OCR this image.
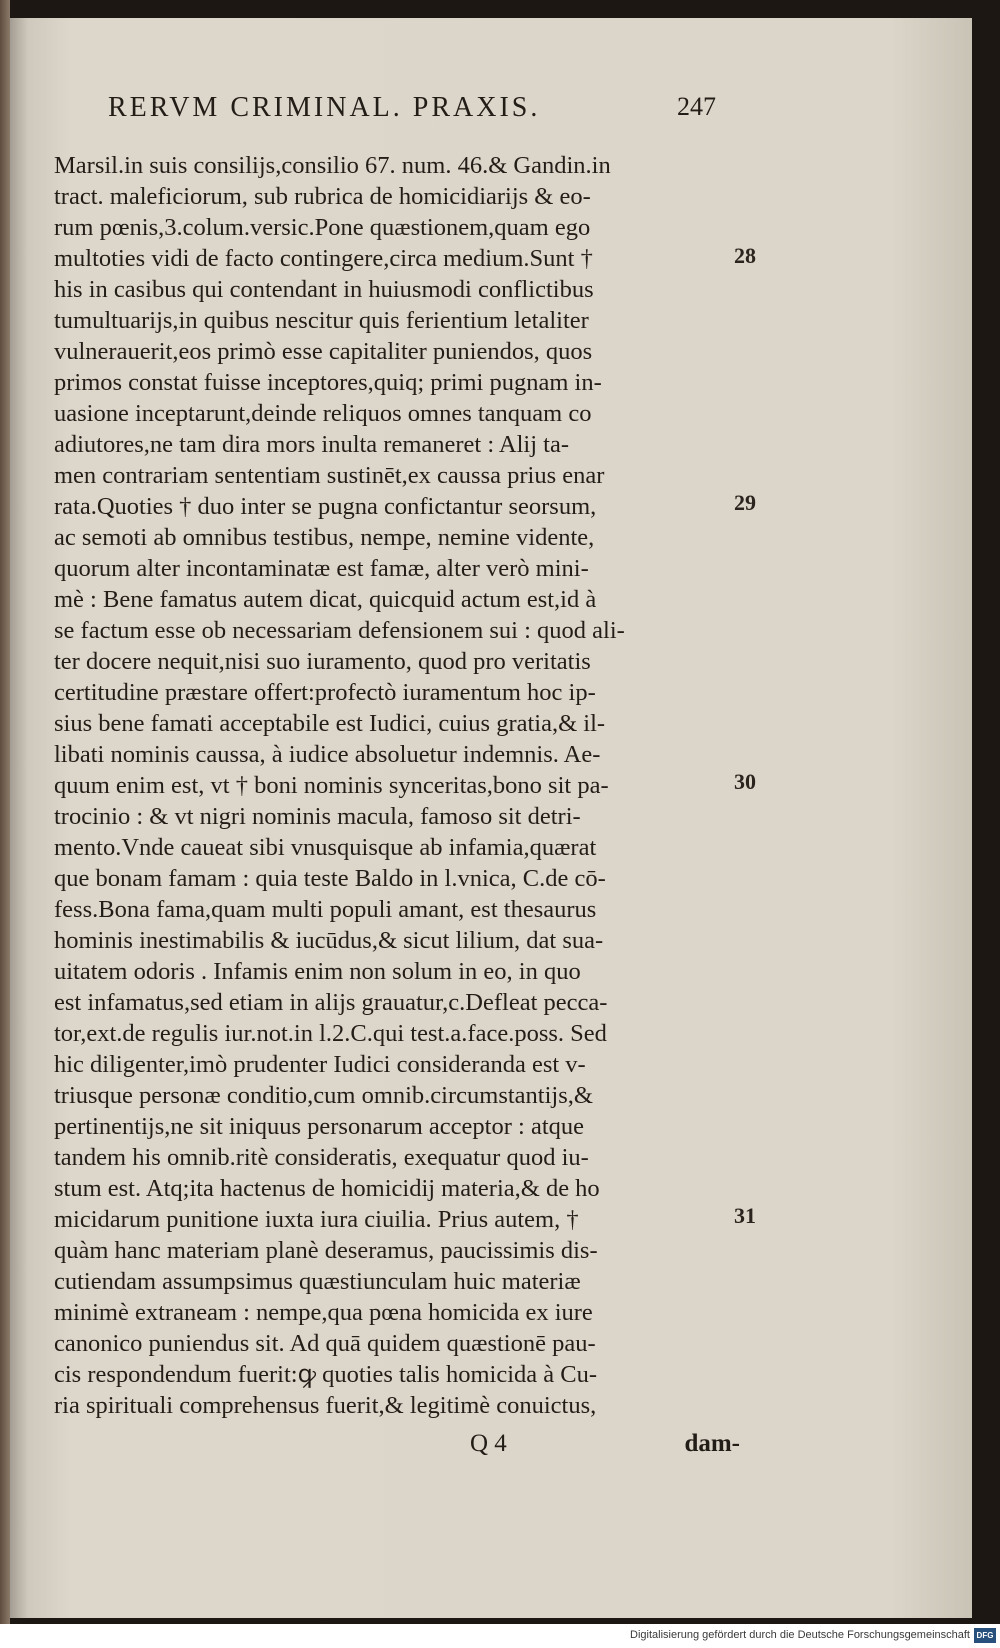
RERVM CRIMINAL. PRAXIS.	247
Marsil.in suis consilijs,consilio 67. num. 46.& Gandin.in
tract. maleficiorum, sub rubrica de homicidiarijs & eo-
rum pœnis,3.colum.versic.Pone quæstionem,quam ego
multoties vidi de facto contingere,circa medium.Sunt †
his in casibus qui contendant in huiusmodi conflictibus
tumultuarijs,in quibus nescitur quis ferientium letaliter
vulnerauerit,eos primò esse capitaliter puniendos, quos
primos constat fuisse inceptores,quiq; primi pugnam in-
uasione inceptarunt,deinde reliquos omnes tanquam co
adiutores,ne tam dira mors inulta remaneret : Alij ta-
men contrariam sententiam sustinēt,ex caussa prius enar
rata.Quoties † duo inter se pugna confictantur seorsum,
ac semoti ab omnibus testibus, nempe, nemine vidente,
quorum alter incontaminatæ est famæ, alter verò mini-
mè : Bene famatus autem dicat, quicquid actum est,id à
se factum esse ob necessariam defensionem sui : quod ali-
ter docere nequit,nisi suo iuramento, quod pro veritatis
certitudine præstare offert:profectò iuramentum hoc ip-
sius bene famati acceptabile est Iudici, cuius gratia,& il-
libati nominis caussa, à iudice absoluetur indemnis. Ae-
quum enim est, vt † boni nominis synceritas,bono sit pa-
trocinio : & vt nigri nominis macula, famoso sit detri-
mento.Vnde caueat sibi vnusquisque ab infamia,quærat
que bonam famam : quia teste Baldo in l.vnica, C.de cō-
fess.Bona fama,quam multi populi amant, est thesaurus
hominis inestimabilis & iucūdus,& sicut lilium, dat sua-
uitatem odoris . Infamis enim non solum in eo, in quo
est infamatus,sed etiam in alijs grauatur,c.Defleat pecca-
tor,ext.de regulis iur.not.in l.2.C.qui test.a.face.poss. Sed
hic diligenter,imò prudenter Iudici consideranda est v-
triusque personæ conditio,cum omnib.circumstantijs,&
pertinentijs,ne sit iniquus personarum acceptor : atque
tandem his omnib.ritè consideratis, exequatur quod iu-
stum est. Atq;ita hactenus de homicidij materia,& de ho
micidarum punitione iuxta iura ciuilia. Prius autem, †
quàm hanc materiam planè deseramus, paucissimis dis-
cutiendam assumpsimus quæstiunculam huic materiæ
minimè extraneam : nempe,qua pœna homicida ex iure
canonico puniendus sit. Ad quā quidem quæstionē pau-
cis respondendum fuerit:ꝙ quoties talis homicida à Cu-
ria spirituali comprehensus fuerit,& legitimè conuictus,
28
29
30
31
Q 4	dam-
Digitalisierung gefördert durch die Deutsche Forschungsgemeinschaft DFG
